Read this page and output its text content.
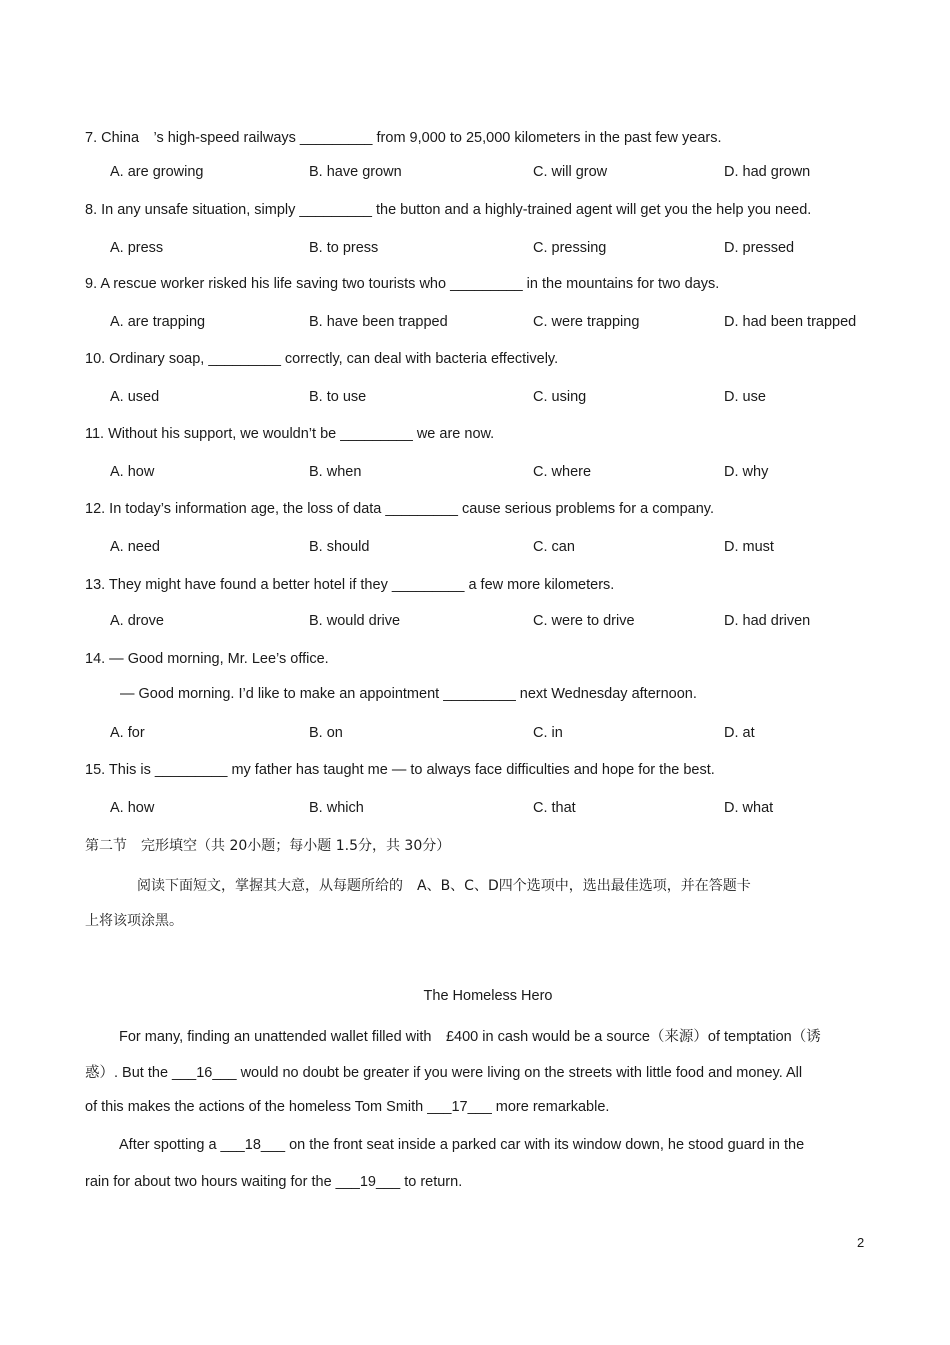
7. China　’s high-speed railways _________ from 9,000 to 25,000 kilometers in the past few years.
A. are growing	B. have grown	C. will grow	D. had grown
8. In any unsafe situation, simply _________ the button and a highly-trained agent will get you the help you need.
A. press	B. to press	C. pressing	D. pressed
9. A rescue worker risked his life saving two tourists who _________ in the mountains for two days.
A. are trapping	B. have been trapped	C. were trapping	D. had been trapped
10. Ordinary soap, _________ correctly, can deal with bacteria effectively.
A. used	B. to use	C. using	D. use
11. Without his support, we wouldn’t be _________ we are now.
A. how	B. when	C. where	D. why
12. In today’s information age, the loss of data _________ cause serious problems for a company.
A. need	B. should	C. can	D. must
13. They might have found a better hotel if they _________ a few more kilometers.
A. drove	B. would drive	C. were to drive	D. had driven
14. — Good morning, Mr. Lee’s office.
— Good morning. I’d like to make an appointment _________ next Wednesday afternoon.
A. for	B. on	C. in	D. at
15. This is _________ my father has taught me — to always face difficulties and hope for the best.
A. how	B. which	C. that	D. what
第二节　完形填空（共 20小题；每小题 1.5分，共 30分）
阅读下面短文，掌握其大意，从每题所给的　A、B、C、D四个选项中，选出最佳选项，并在答题卡
上将该项涂黑。
The Homeless Hero
For many, finding an unattended wallet filled with　£400 in cash would be a source（来源）of temptation（诱
惑）. But the ___16___ would no doubt be greater if you were living on the streets with little food and money. All
of this makes the actions of the homeless Tom Smith ___17___ more remarkable.
After spotting a ___18___ on the front seat inside a parked car with its window down, he stood guard in the
rain for about two hours waiting for the ___19___ to return.
2
